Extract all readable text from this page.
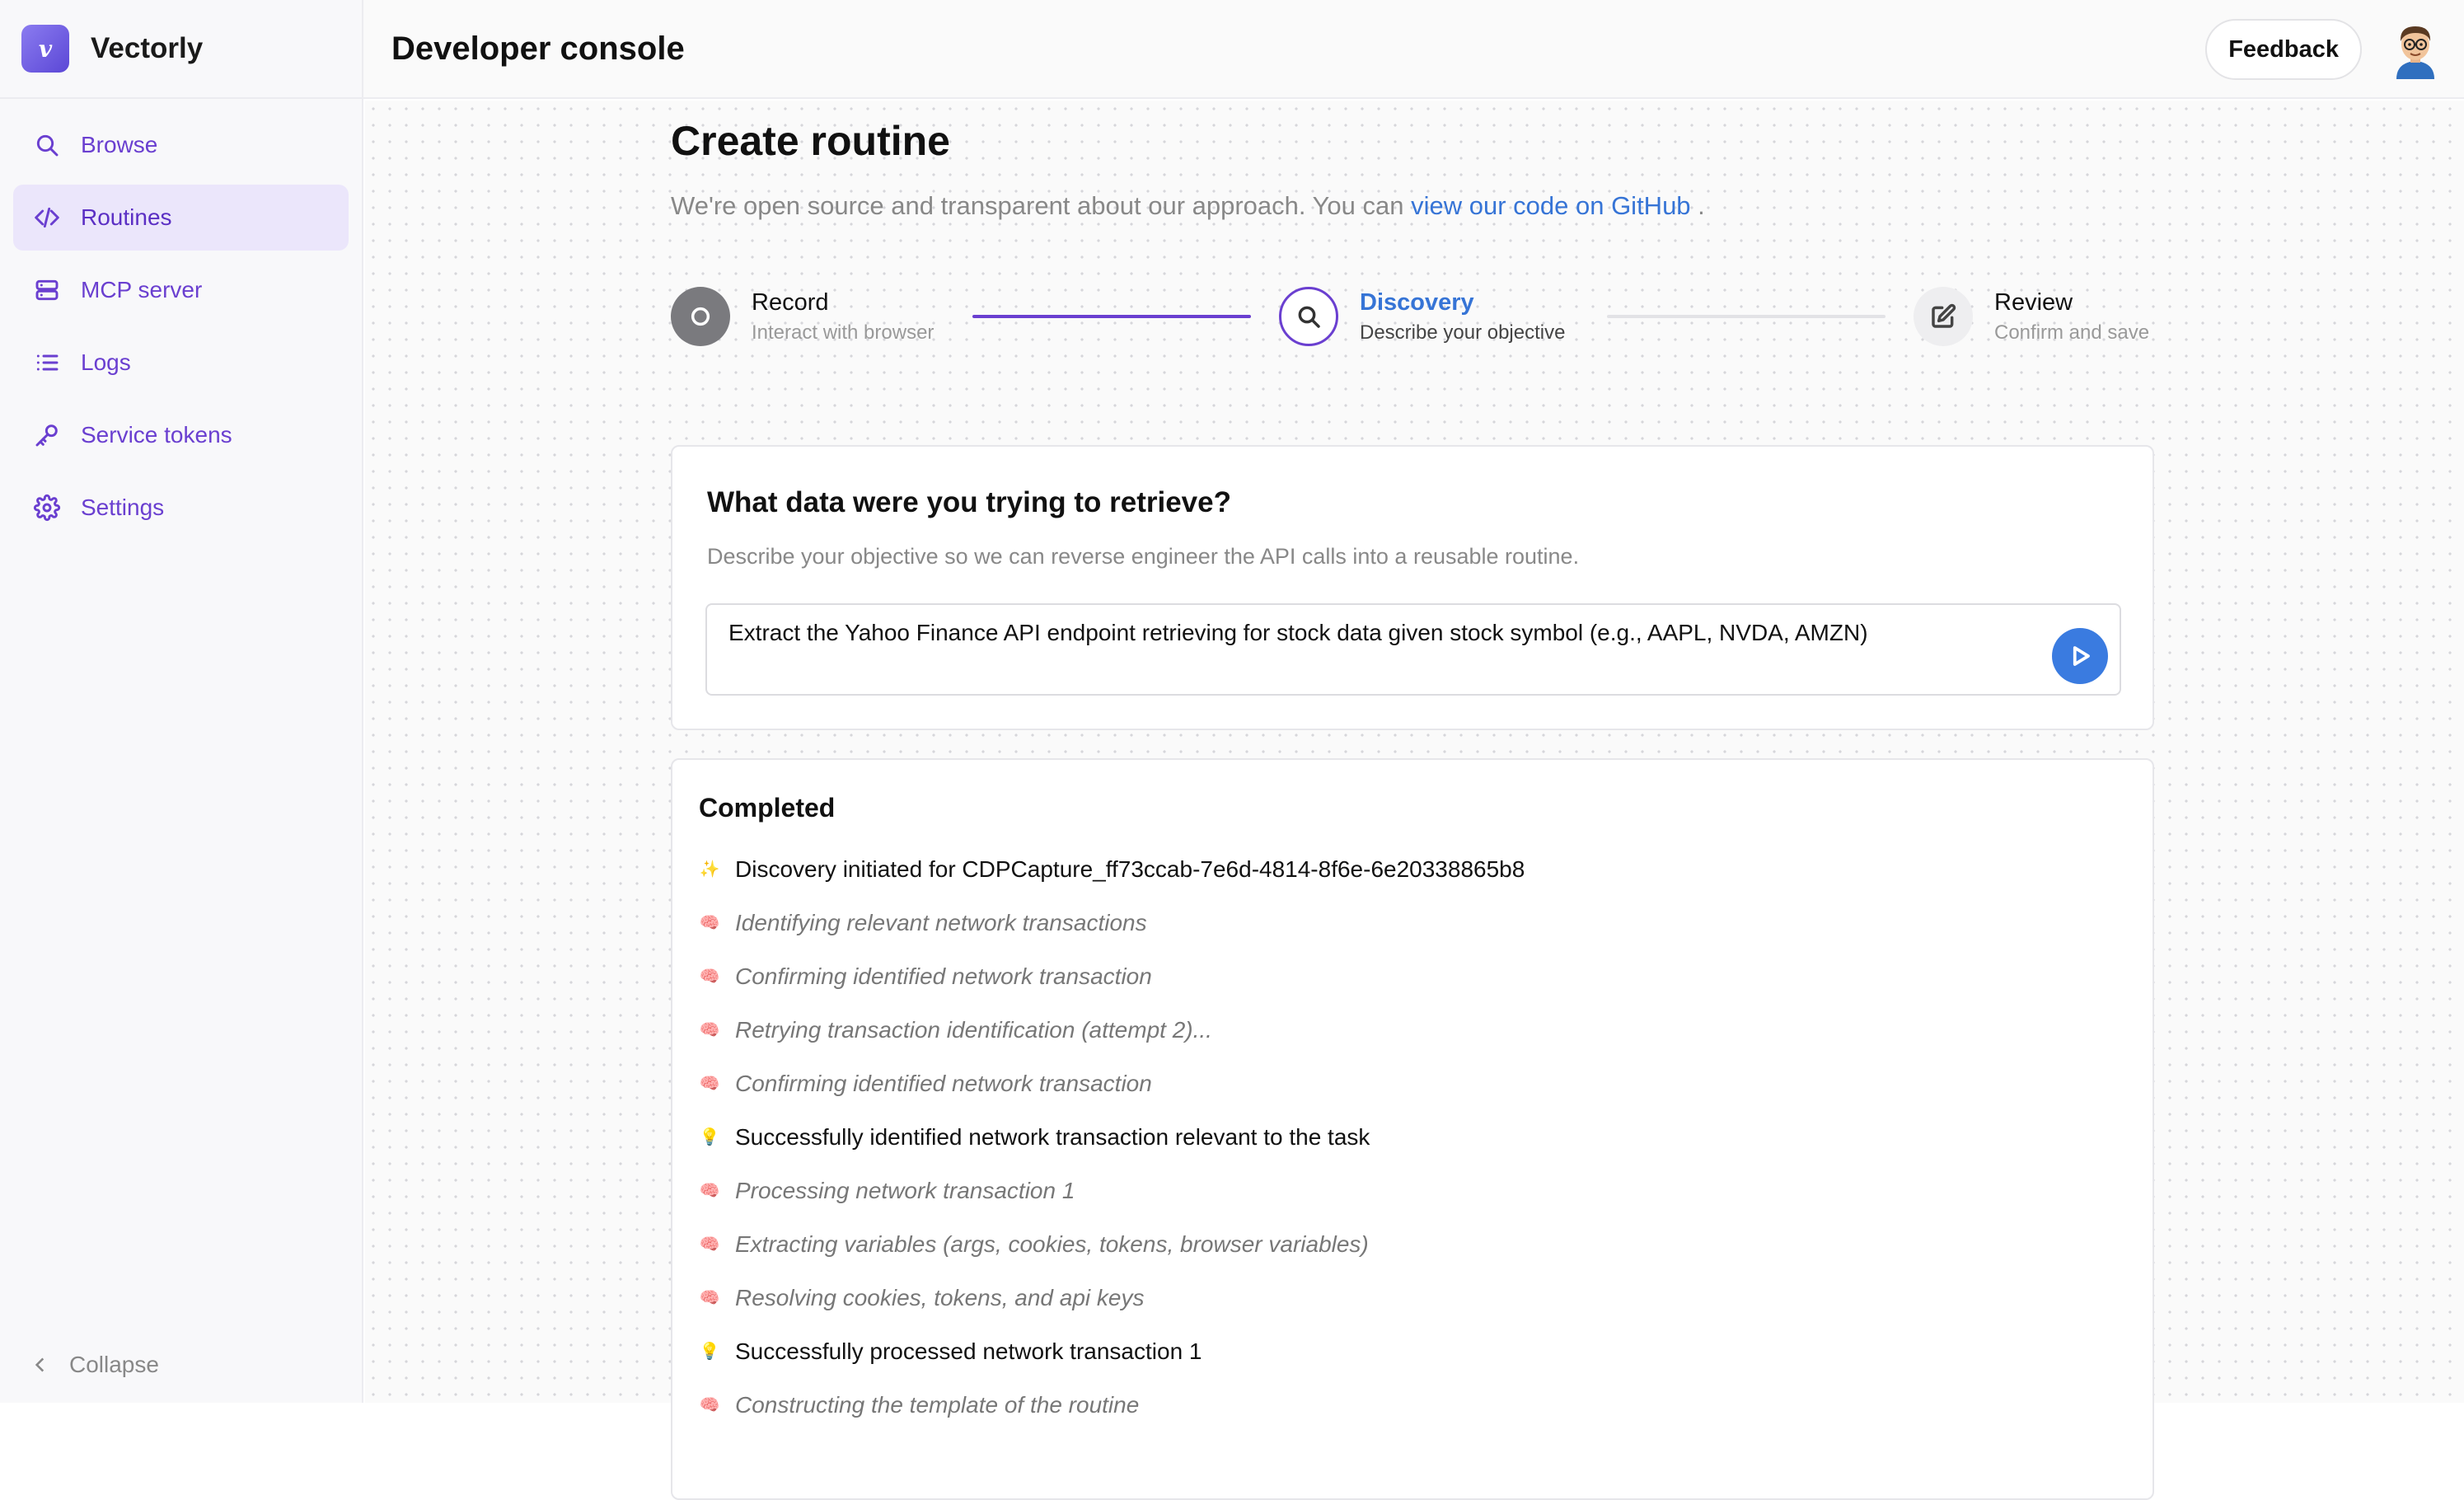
v Vectorly
Browse
Routines
MCP server
Logs
Service tokens
Settings
Collapse
Developer console	Feedback
Create routine

We're open source and transparent about our approach. You can view our code on GitHub .

Record
Interact with browser
Discovery
Describe your objective
Review
Confirm and save
What data were you trying to retrieve?

Describe your objective so we can reverse engineer the API calls into a reusable routine.

Extract the Yahoo Finance API endpoint retrieving for stock data given stock symbol (e.g., AAPL, NVDA, AMZN)
Completed
✨ Discovery initiated for CDPCapture_ff73ccab-7e6d-4814-8f6e-6e20338865b8
🧠 Identifying relevant network transactions
🧠 Confirming identified network transaction
🧠 Retrying transaction identification (attempt 2)...
🧠 Confirming identified network transaction
💡 Successfully identified network transaction relevant to the task
🧠 Processing network transaction 1
🧠 Extracting variables (args, cookies, tokens, browser variables)
🧠 Resolving cookies, tokens, and api keys
💡 Successfully processed network transaction 1
🧠 Constructing the template of the routine
